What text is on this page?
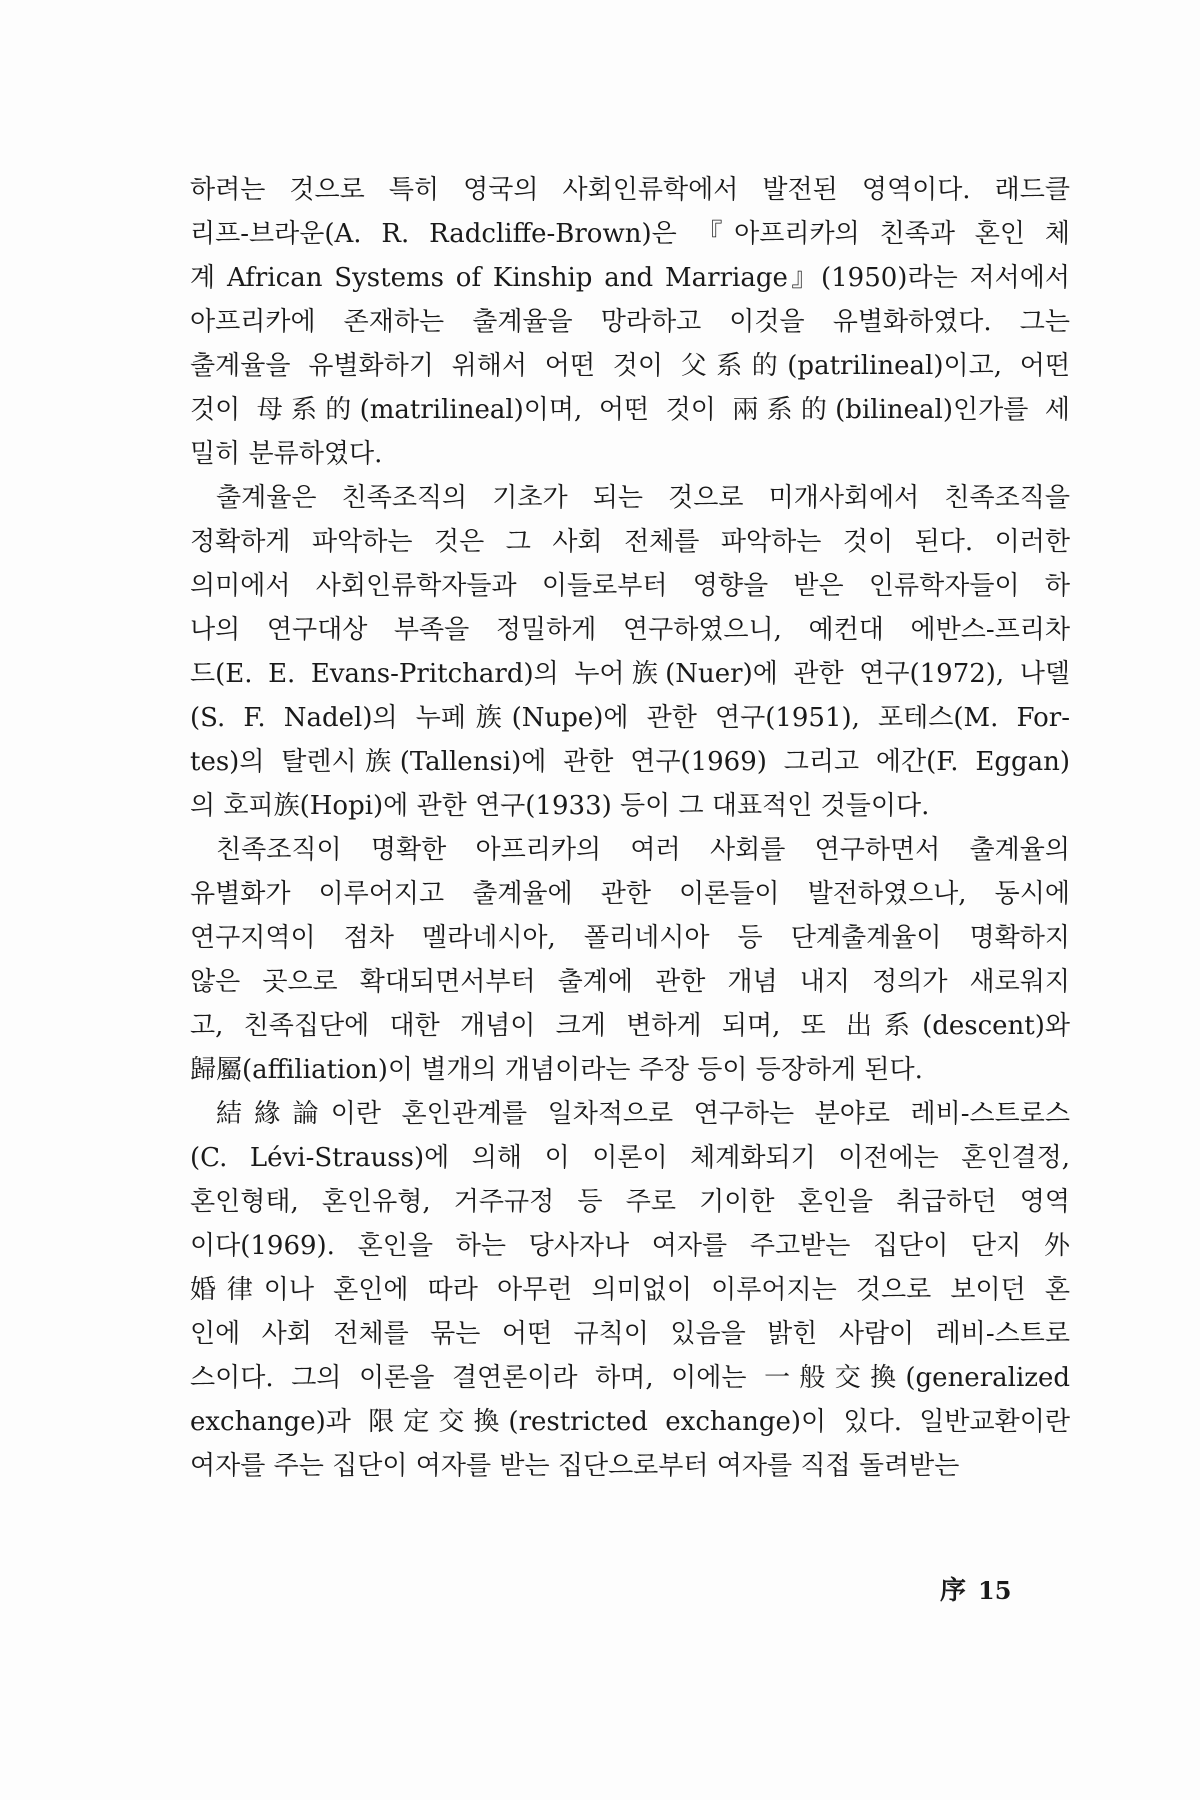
하려는 것으로 특히 영국의 사회인류학에서 발전된 영역이다. 래드클
리프-브라운(A. R. Radcliffe-Brown)은 『아프리카의 친족과 혼인 체
계 African Systems of Kinship and Marriage』(1950)라는 저서에서
아프리카에 존재하는 출계율을 망라하고 이것을 유별화하였다. 그는
출계율을 유별화하기 위해서 어떤 것이 父系的(patrilineal)이고, 어떤
것이 母系的(matrilineal)이며, 어떤 것이 兩系的(bilineal)인가를 세
밀히 분류하였다.
출계율은 친족조직의 기초가 되는 것으로 미개사회에서 친족조직을
정확하게 파악하는 것은 그 사회 전체를 파악하는 것이 된다. 이러한
의미에서 사회인류학자들과 이들로부터 영향을 받은 인류학자들이 하
나의 연구대상 부족을 정밀하게 연구하였으니, 예컨대 에반스-프리차
드(E. E. Evans-Pritchard)의 누어族(Nuer)에 관한 연구(1972), 나델
(S. F. Nadel)의 누페族(Nupe)에 관한 연구(1951), 포테스(M. For-
tes)의 탈렌시族(Tallensi)에 관한 연구(1969) 그리고 에간(F. Eggan)
의 호피族(Hopi)에 관한 연구(1933) 등이 그 대표적인 것들이다.
친족조직이 명확한 아프리카의 여러 사회를 연구하면서 출계율의
유별화가 이루어지고 출계율에 관한 이론들이 발전하였으나, 동시에
연구지역이 점차 멜라네시아, 폴리네시아 등 단계출계율이 명확하지
않은 곳으로 확대되면서부터 출계에 관한 개념 내지 정의가 새로워지
고, 친족집단에 대한 개념이 크게 변하게 되며, 또 出系(descent)와
歸屬(affiliation)이 별개의 개념이라는 주장 등이 등장하게 된다.
結緣論이란 혼인관계를 일차적으로 연구하는 분야로 레비-스트로스
(C. Lévi-Strauss)에 의해 이 이론이 체계화되기 이전에는 혼인결정,
혼인형태, 혼인유형, 거주규정 등 주로 기이한 혼인을 취급하던 영역
이다(1969). 혼인을 하는 당사자나 여자를 주고받는 집단이 단지 外
婚律이나 혼인에 따라 아무런 의미없이 이루어지는 것으로 보이던 혼
인에 사회 전체를 묶는 어떤 규칙이 있음을 밝힌 사람이 레비-스트로
스이다. 그의 이론을 결연론이라 하며, 이에는 一般交換(generalized
exchange)과 限定交換(restricted exchange)이 있다. 일반교환이란
여자를 주는 집단이 여자를 받는 집단으로부터 여자를 직접 돌려받는
序 15
